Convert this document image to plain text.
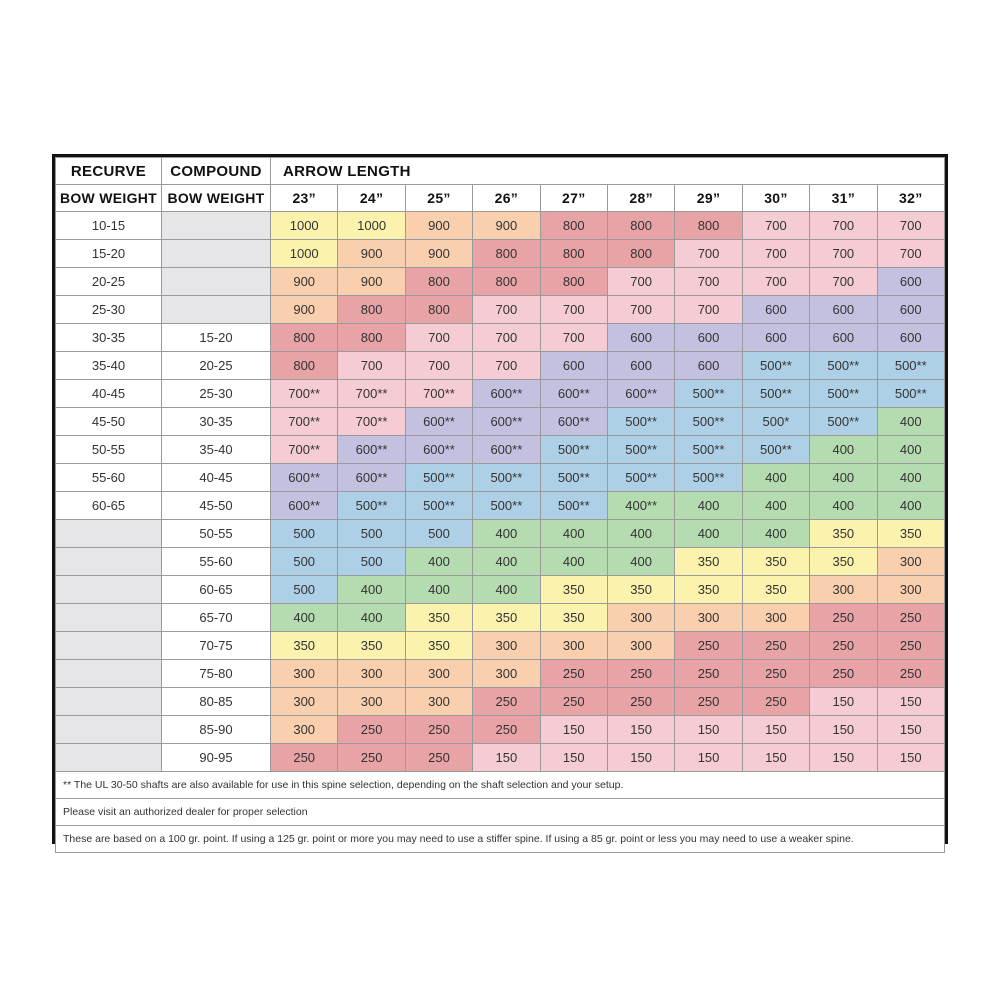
RECURVE	COMPOUND	ARROW LENGTH									
BOW WEIGHT	BOW WEIGHT	23”	24”	25”	26”	27”	28”	29”	30”	31”	32”
10-15		1000	1000	900	900	800	800	800	700	700	700
15-20		1000	900	900	800	800	800	700	700	700	700
20-25		900	900	800	800	800	700	700	700	700	600
25-30		900	800	800	700	700	700	700	600	600	600
30-35	15-20	800	800	700	700	700	600	600	600	600	600
35-40	20-25	800	700	700	700	600	600	600	500**	500**	500**
40-45	25-30	700**	700**	700**	600**	600**	600**	500**	500**	500**	500**
45-50	30-35	700**	700**	600**	600**	600**	500**	500**	500*	500**	400
50-55	35-40	700**	600**	600**	600**	500**	500**	500**	500**	400	400
55-60	40-45	600**	600**	500**	500**	500**	500**	500**	400	400	400
60-65	45-50	600**	500**	500**	500**	500**	400**	400	400	400	400
	50-55	500	500	500	400	400	400	400	400	350	350
	55-60	500	500	400	400	400	400	350	350	350	300
	60-65	500	400	400	400	350	350	350	350	300	300
	65-70	400	400	350	350	350	300	300	300	250	250
	70-75	350	350	350	300	300	300	250	250	250	250
	75-80	300	300	300	300	250	250	250	250	250	250
	80-85	300	300	300	250	250	250	250	250	150	150
	85-90	300	250	250	250	150	150	150	150	150	150
	90-95	250	250	250	150	150	150	150	150	150	150
** The UL 30-50 shafts are also available for use in this spine selection, depending on the shaft selection and your setup.											
Please visit an authorized dealer for proper selection											
These are based on a 100 gr. point. If using a 125 gr. point or more you may need to use a stiffer spine. If using a 85 gr. point or less you may need to use a weaker spine.											
